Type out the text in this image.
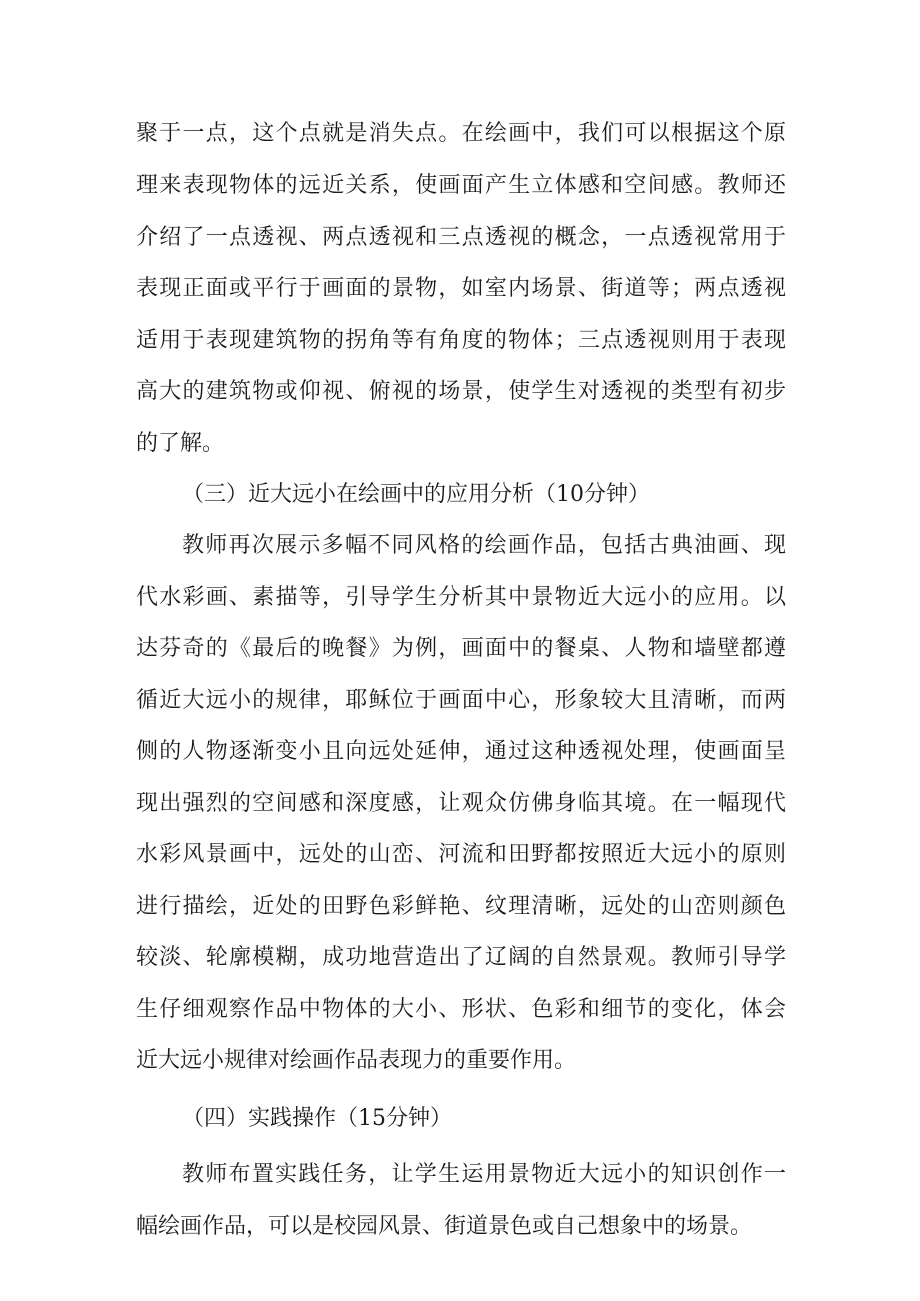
聚于一点，这个点就是消失点。在绘画中，我们可以根据这个原
理来表现物体的远近关系，使画面产生立体感和空间感。教师还
介绍了一点透视、两点透视和三点透视的概念，一点透视常用于
表现正面或平行于画面的景物，如室内场景、街道等；两点透视
适用于表现建筑物的拐角等有角度的物体；三点透视则用于表现
高大的建筑物或仰视、俯视的场景，使学生对透视的类型有初步
的了解。
（三）近大远小在绘画中的应用分析（10分钟）
教师再次展示多幅不同风格的绘画作品，包括古典油画、现
代水彩画、素描等，引导学生分析其中景物近大远小的应用。以
达芬奇的《最后的晚餐》为例，画面中的餐桌、人物和墙壁都遵
循近大远小的规律，耶稣位于画面中心，形象较大且清晰，而两
侧的人物逐渐变小且向远处延伸，通过这种透视处理，使画面呈
现出强烈的空间感和深度感，让观众仿佛身临其境。在一幅现代
水彩风景画中，远处的山峦、河流和田野都按照近大远小的原则
进行描绘，近处的田野色彩鲜艳、纹理清晰，远处的山峦则颜色
较淡、轮廓模糊，成功地营造出了辽阔的自然景观。教师引导学
生仔细观察作品中物体的大小、形状、色彩和细节的变化，体会
近大远小规律对绘画作品表现力的重要作用。
（四）实践操作（15分钟）
教师布置实践任务，让学生运用景物近大远小的知识创作一
幅绘画作品，可以是校园风景、街道景色或自己想象中的场景。
